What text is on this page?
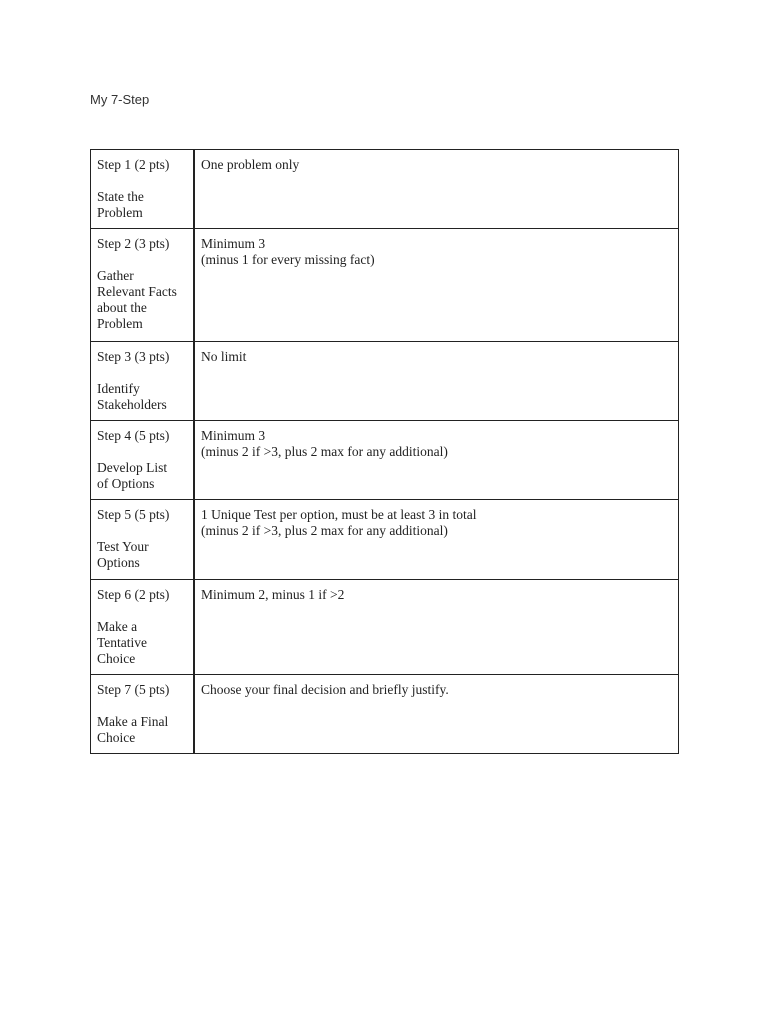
My 7-Step
Step 1 (2 pts)
State the
Problem	One problem only

Step 2 (3 pts)
Gather
Relevant Facts
about the
Problem	Minimum 3
(minus 1 for every missing fact)

Step 3 (3 pts)
Identify
Stakeholders	No limit

Step 4 (5 pts)
Develop List
of Options	Minimum 3
(minus 2 if >3, plus 2 max for any additional)

Step 5 (5 pts)
Test Your
Options	1 Unique Test per option, must be at least 3 in total
(minus 2 if >3, plus 2 max for any additional)

Step 6 (2 pts)
Make a
Tentative
Choice	Minimum 2, minus 1 if >2

Step 7 (5 pts)
Make a Final
Choice	Choose your final decision and briefly justify.
